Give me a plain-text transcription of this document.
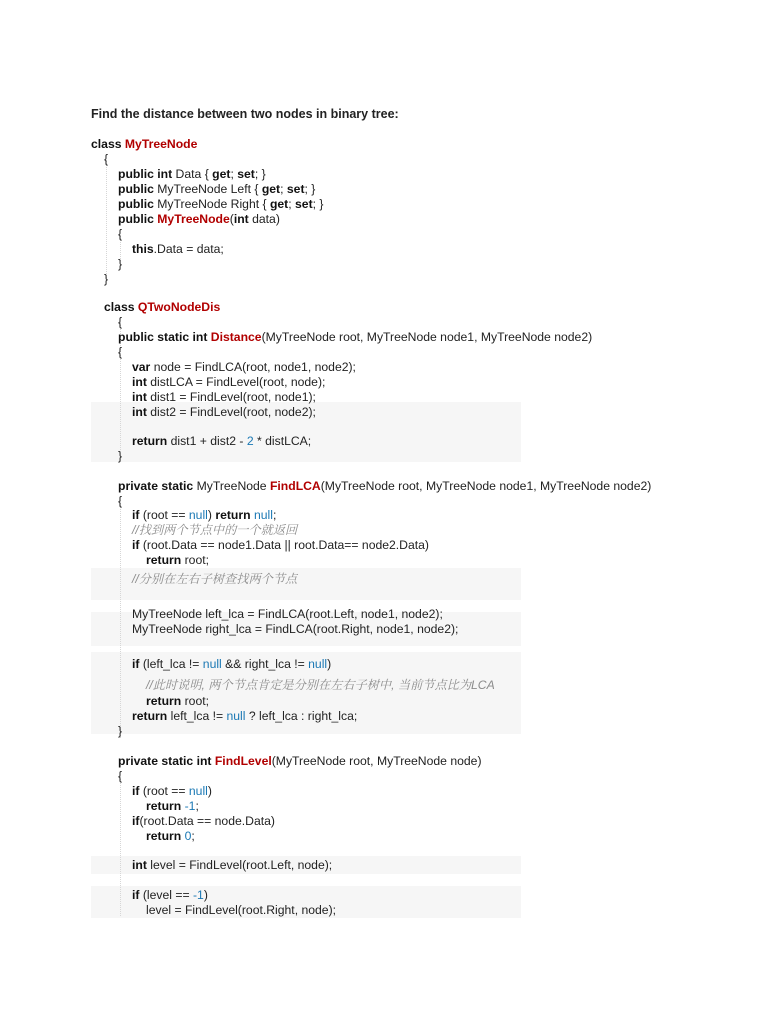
Find the distance between two nodes in binary tree:
class MyTreeNode
{
public int Data { get; set; }
public MyTreeNode Left { get; set; }
public MyTreeNode Right { get; set; }
public MyTreeNode(int data)
{
this.Data = data;
}
}
class QTwoNodeDis
{
public static int Distance(MyTreeNode root, MyTreeNode node1, MyTreeNode node2)
{
var node = FindLCA(root, node1, node2);
int distLCA = FindLevel(root, node);
int dist1 = FindLevel(root, node1);
int dist2 = FindLevel(root, node2);
return dist1 + dist2 - 2 * distLCA;
}
private static MyTreeNode FindLCA(MyTreeNode root, MyTreeNode node1, MyTreeNode node2)
{
if (root == null) return null;
//找到两个节点中的一个就返回
if (root.Data == node1.Data || root.Data== node2.Data)
return root;
//分别在左右子树查找两个节点
MyTreeNode left_lca = FindLCA(root.Left, node1, node2);
MyTreeNode right_lca = FindLCA(root.Right, node1, node2);
if (left_lca != null && right_lca != null)
//此时说明, 两个节点肯定是分别在左右子树中, 当前节点比为LCA
return root;
return left_lca != null ? left_lca : right_lca;
}
private static int FindLevel(MyTreeNode root, MyTreeNode node)
{
if (root == null)
return -1;
if(root.Data == node.Data)
return 0;
int level = FindLevel(root.Left, node);
if (level == -1)
level = FindLevel(root.Right, node);
